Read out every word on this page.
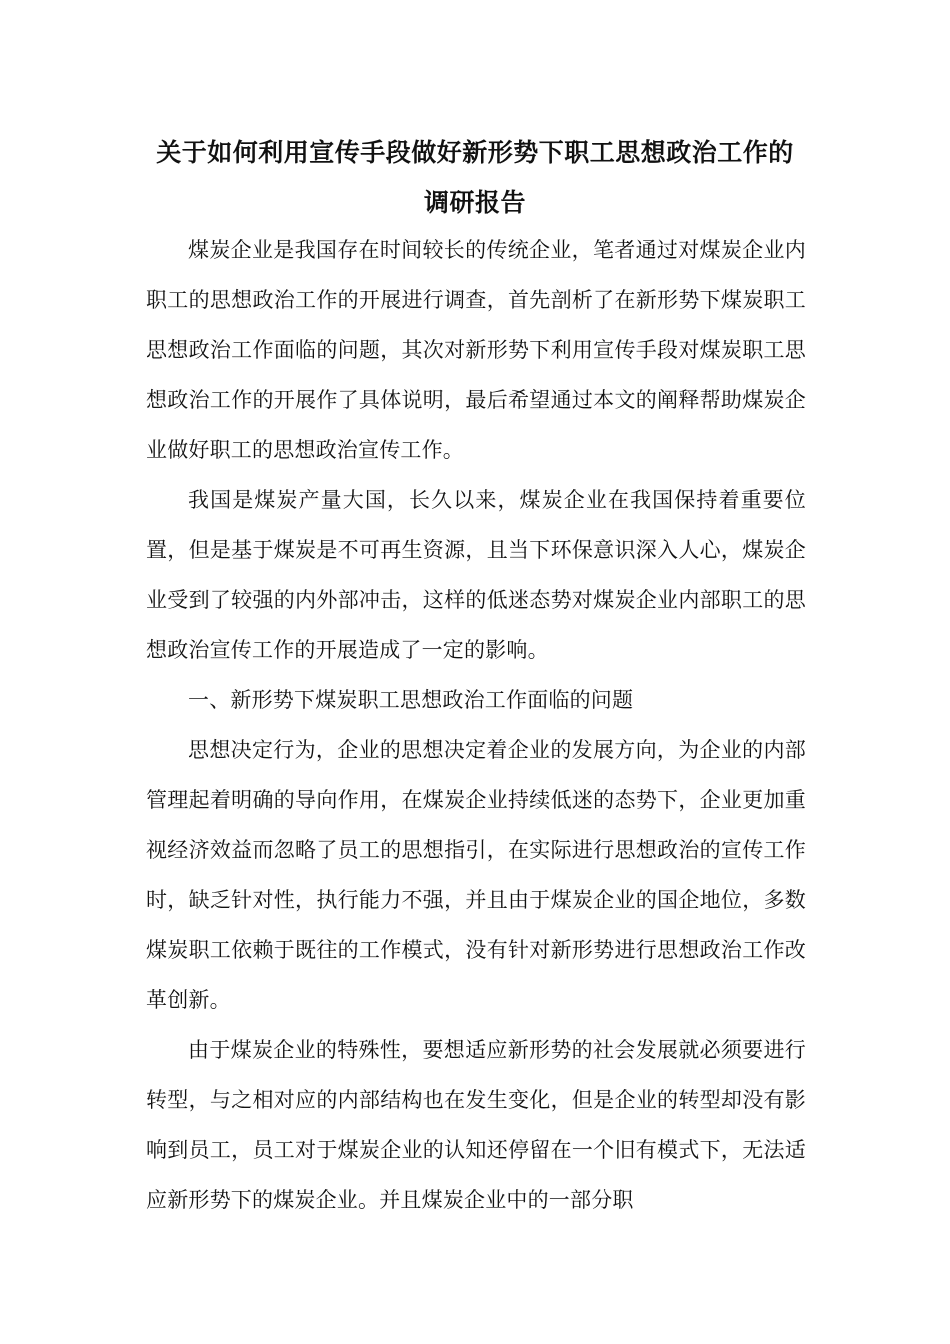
关于如何利用宣传手段做好新形势下职工思想政治工作的
调研报告

煤炭企业是我国存在时间较长的传统企业，笔者通过对煤炭企业内职工的思想政治工作的开展进行调查，首先剖析了在新形势下煤炭职工思想政治工作面临的问题，其次对新形势下利用宣传手段对煤炭职工思想政治工作的开展作了具体说明，最后希望通过本文的阐释帮助煤炭企业做好职工的思想政治宣传工作。

我国是煤炭产量大国，长久以来，煤炭企业在我国保持着重要位置，但是基于煤炭是不可再生资源，且当下环保意识深入人心，煤炭企业受到了较强的内外部冲击，这样的低迷态势对煤炭企业内部职工的思想政治宣传工作的开展造成了一定的影响。

一、新形势下煤炭职工思想政治工作面临的问题

思想决定行为，企业的思想决定着企业的发展方向，为企业的内部管理起着明确的导向作用，在煤炭企业持续低迷的态势下，企业更加重视经济效益而忽略了员工的思想指引，在实际进行思想政治的宣传工作时，缺乏针对性，执行能力不强，并且由于煤炭企业的国企地位，多数煤炭职工依赖于既往的工作模式，没有针对新形势进行思想政治工作改革创新。

由于煤炭企业的特殊性，要想适应新形势的社会发展就必须要进行转型，与之相对应的内部结构也在发生变化，但是企业的转型却没有影响到员工，员工对于煤炭企业的认知还停留在一个旧有模式下，无法适应新形势下的煤炭企业。并且煤炭企业中的一部分职
